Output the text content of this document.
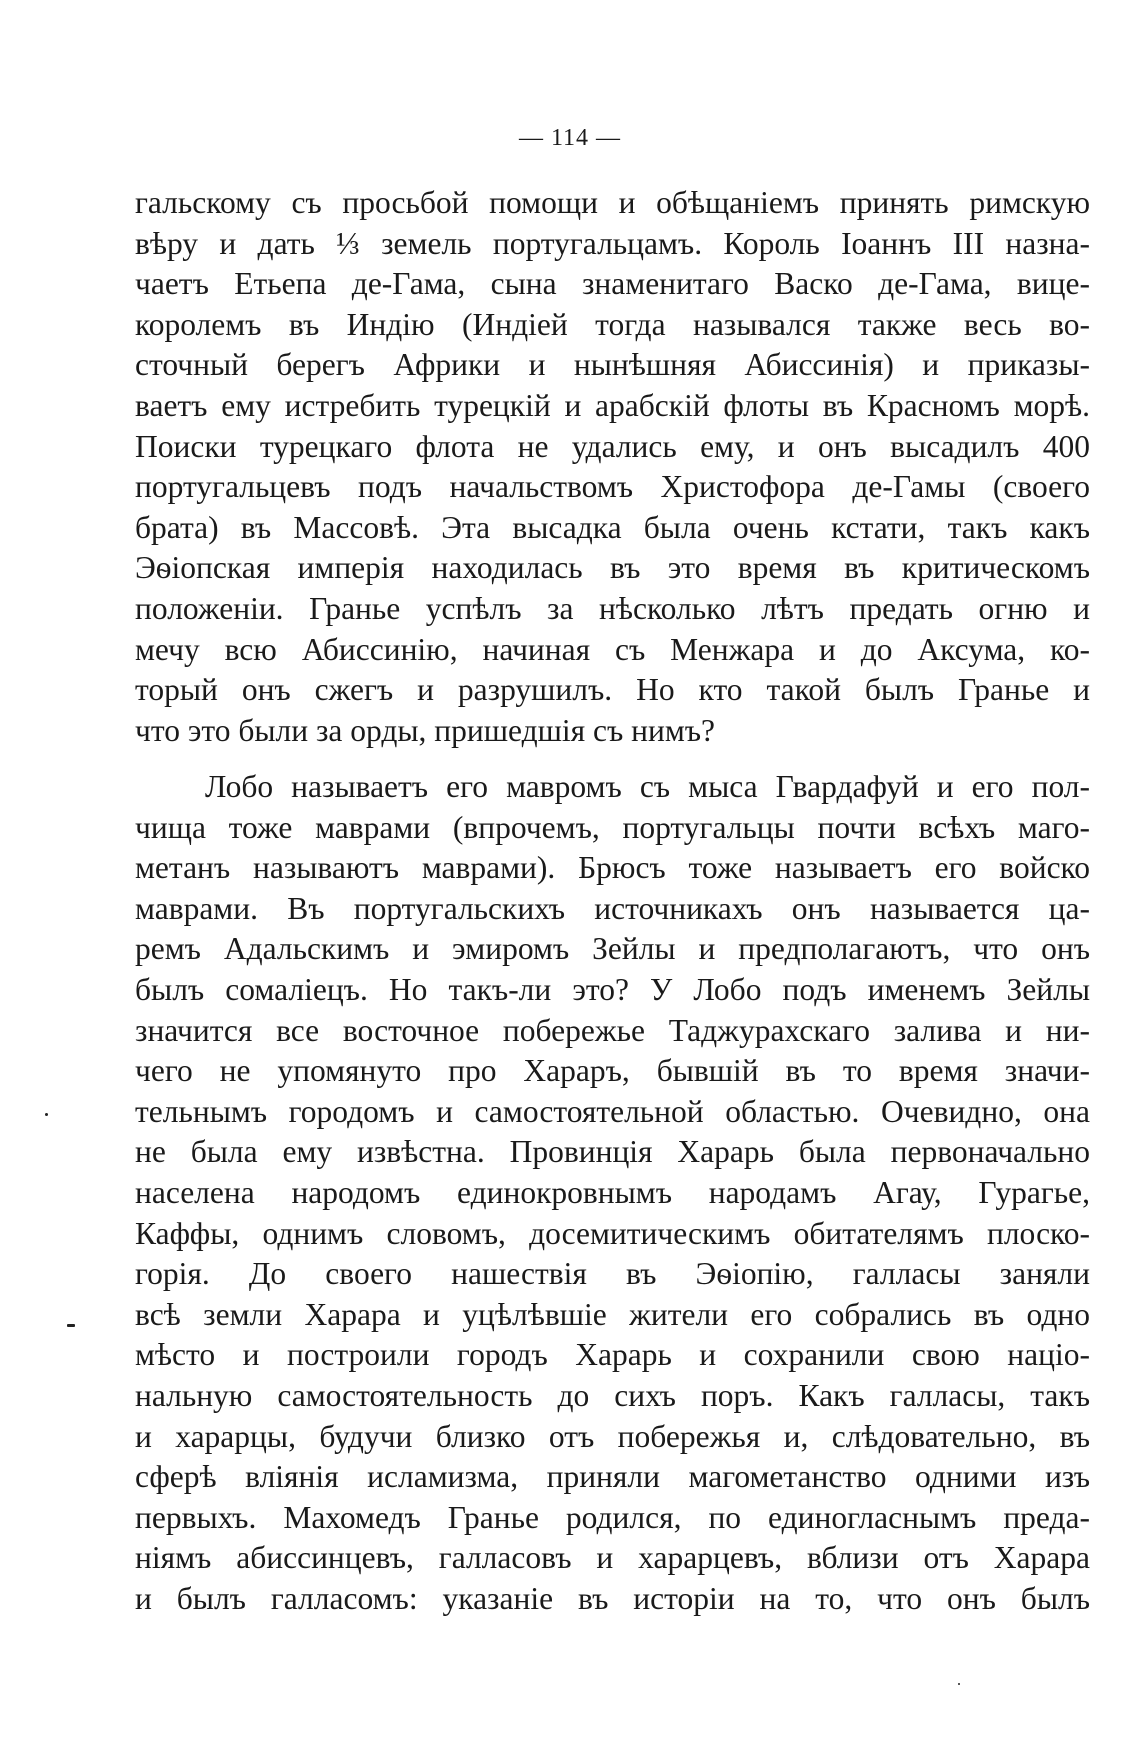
— 114 —
гальскому съ просьбой помощи и обѣщаніемъ принять римскую
вѣру и дать ⅓ земель португальцамъ. Король Іоаннъ III назна-
чаетъ Етьепа де-Гама, сына знаменитаго Васко де-Гама, вице-
королемъ въ Индію (Индіей тогда назывался также весь во-
сточный берегъ Африки и нынѣшняя Абиссинія) и приказы-
ваетъ ему истребить турецкій и арабскій флоты въ Красномъ морѣ.
Поиски турецкаго флота не удались ему, и онъ высадилъ 400
португальцевъ подъ начальствомъ Христофора де-Гамы (своего
брата) въ Массовѣ. Эта высадка была очень кстати, такъ какъ
Эѳіопская имперія находилась въ это время въ критическомъ
положеніи. Гранье успѣлъ за нѣсколько лѣтъ предать огню и
мечу всю Абиссинію, начиная съ Менжара и до Аксума, ко-
торый онъ сжегъ и разрушилъ. Но кто такой былъ Гранье и
что это были за орды, пришедшія съ нимъ?
Лобо называетъ его мавромъ съ мыса Гвардафуй и его пол-
чища тоже маврами (впрочемъ, португальцы почти всѣхъ маго-
метанъ называютъ маврами). Брюсъ тоже называетъ его войско
маврами. Въ португальскихъ источникахъ онъ называется ца-
ремъ Адальскимъ и эмиромъ Зейлы и предполагаютъ, что онъ
былъ сомаліецъ. Но такъ-ли это? У Лобо подъ именемъ Зейлы
значится все восточное побережье Таджурахскаго залива и ни-
чего не упомянуто про Хараръ, бывшій въ то время значи-
тельнымъ городомъ и самостоятельной областью. Очевидно, она
не была ему извѣстна. Провинція Харарь была первоначально
населена народомъ единокровнымъ народамъ Агау, Гурагье,
Каффы, однимъ словомъ, досемитическимъ обитателямъ плоско-
горія. До своего нашествія въ Эѳіопію, галласы заняли
всѣ земли Харара и уцѣлѣвшіе жители его собрались въ одно
мѣсто и построили городъ Харарь и сохранили свою націо-
нальную самостоятельность до сихъ поръ. Какъ галласы, такъ
и харарцы, будучи близко отъ побережья и, слѣдовательно, въ
сферѣ вліянія исламизма, приняли магометанство одними изъ
первыхъ. Махомедъ Гранье родился, по единогласнымъ преда-
ніямъ абиссинцевъ, галласовъ и харарцевъ, вблизи отъ Харара
и былъ галласомъ: указаніе въ исторіи на то, что онъ былъ
